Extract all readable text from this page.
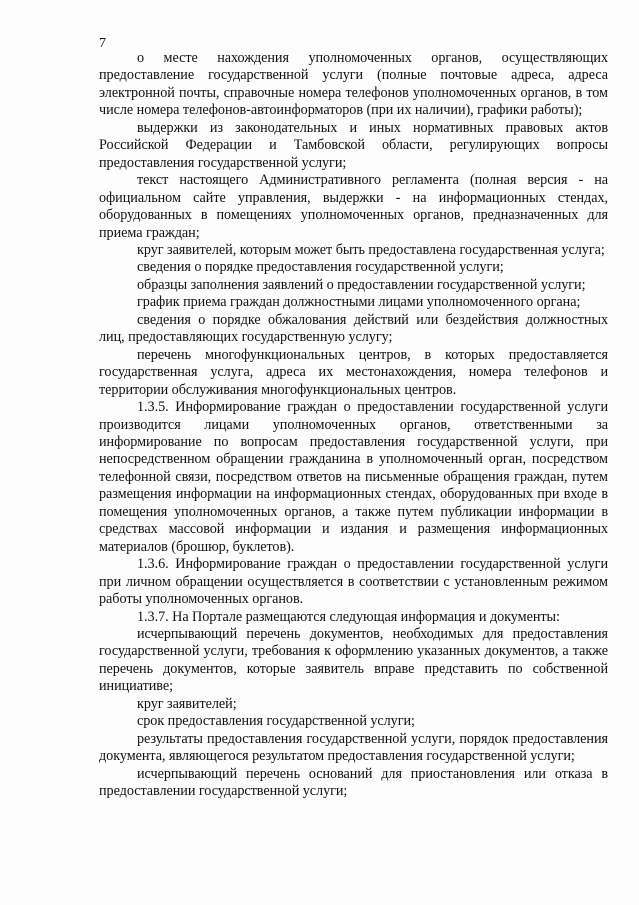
7

о месте нахождения уполномоченных органов, осуществляющих предоставление государственной услуги (полные почтовые адреса, адреса электронной почты, справочные номера телефонов уполномоченных органов, в том числе номера телефонов-автоинформаторов (при их наличии), графики работы);

выдержки из законодательных и иных нормативных правовых актов Российской Федерации и Тамбовской области, регулирующих вопросы предоставления государственной услуги;

текст настоящего Административного регламента (полная версия - на официальном сайте управления, выдержки - на информационных стендах, оборудованных в помещениях уполномоченных органов, предназначенных для приема граждан;

круг заявителей, которым может быть предоставлена государственная услуга;

сведения о порядке предоставления государственной услуги;

образцы заполнения заявлений о предоставлении государственной услуги;

график приема граждан должностными лицами уполномоченного органа;

сведения о порядке обжалования действий или бездействия должностных лиц, предоставляющих государственную услугу;

перечень многофункциональных центров, в которых предоставляется государственная услуга, адреса их местонахождения, номера телефонов и территории обслуживания многофункциональных центров.

1.3.5. Информирование граждан о предоставлении государственной услуги производится лицами уполномоченных органов, ответственными за информирование по вопросам предоставления государственной услуги, при непосредственном обращении гражданина в уполномоченный орган, посредством телефонной связи, посредством ответов на письменные обращения граждан, путем размещения информации на информационных стендах, оборудованных при входе в помещения уполномоченных органов, а также путем публикации информации в средствах массовой информации и издания и размещения информационных материалов (брошюр, буклетов).

1.3.6. Информирование граждан о предоставлении государственной услуги при личном обращении осуществляется в соответствии с установленным режимом работы уполномоченных органов.

1.3.7. На Портале размещаются следующая информация и документы:

исчерпывающий перечень документов, необходимых для предоставления государственной услуги, требования к оформлению указанных документов, а также перечень документов, которые заявитель вправе представить по собственной инициативе;

круг заявителей;

срок предоставления государственной услуги;

результаты предоставления государственной услуги, порядок предоставления документа, являющегося результатом предоставления государственной услуги;

исчерпывающий перечень оснований для приостановления или отказа в предоставлении государственной услуги;
